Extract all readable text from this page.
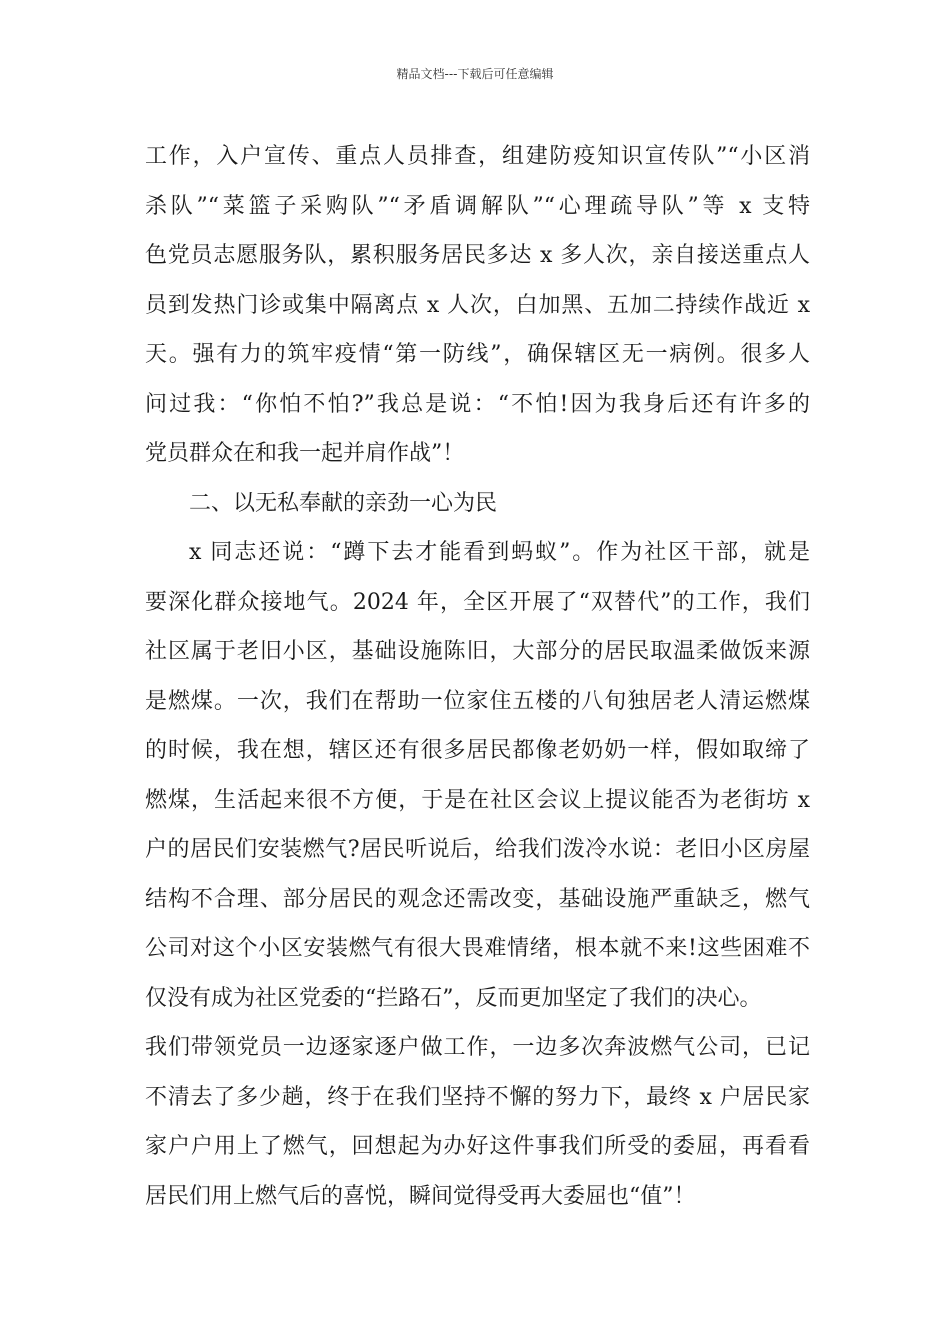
精品文档---下载后可任意编辑
工作，入户宣传、重点人员排查，组建防疫知识宣传队”“小区消
杀队”“菜篮子采购队”“矛盾调解队”“心理疏导队”等 x 支特
色党员志愿服务队，累积服务居民多达 x 多人次，亲自接送重点人
员到发热门诊或集中隔离点 x 人次，白加黑、五加二持续作战近 x
天。强有力的筑牢疫情“第一防线”，确保辖区无一病例。很多人
问过我：“你怕不怕?”我总是说：“不怕!因为我身后还有许多的
党员群众在和我一起并肩作战”！
二、以无私奉献的亲劲一心为民
x 同志还说：“蹲下去才能看到蚂蚁”。作为社区干部，就是
要深化群众接地气。2024 年，全区开展了“双替代”的工作，我们
社区属于老旧小区，基础设施陈旧，大部分的居民取温柔做饭来源
是燃煤。一次，我们在帮助一位家住五楼的八旬独居老人清运燃煤
的时候，我在想，辖区还有很多居民都像老奶奶一样，假如取缔了
燃煤，生活起来很不方便，于是在社区会议上提议能否为老街坊 x
户的居民们安装燃气?居民听说后，给我们泼冷水说：老旧小区房屋
结构不合理、部分居民的观念还需改变，基础设施严重缺乏，燃气
公司对这个小区安装燃气有很大畏难情绪，根本就不来!这些困难不
仅没有成为社区党委的“拦路石”，反而更加坚定了我们的决心。
我们带领党员一边逐家逐户做工作，一边多次奔波燃气公司，已记
不清去了多少趟，终于在我们坚持不懈的努力下，最终 x 户居民家
家户户用上了燃气，回想起为办好这件事我们所受的委屈，再看看
居民们用上燃气后的喜悦，瞬间觉得受再大委屈也“值”！
